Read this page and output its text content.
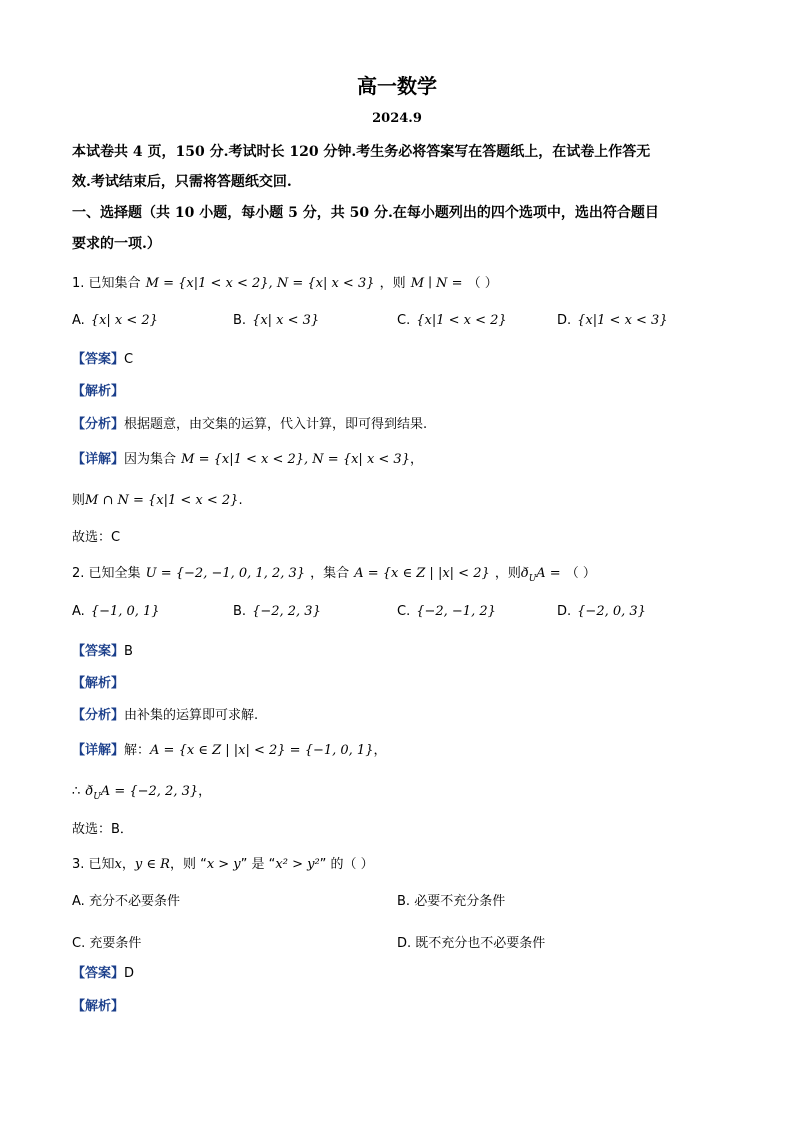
高一数学
2024.9
本试卷共 4 页，150 分.考试时长 120 分钟.考生务必将答案写在答题纸上，在试卷上作答无
效.考试结束后，只需将答题纸交回.
一、选择题（共 10 小题，每小题 5 分，共 50 分.在每小题列出的四个选项中，选出符合题目
要求的一项.）
1. 已知集合 M = {x|1 < x < 2}, N = {x| x < 3} ，则 M ∣ N = （ ）
A. {x| x < 2}	B. {x| x < 3}	C. {x|1 < x < 2}	D. {x|1 < x < 3}
【答案】C
【解析】
【分析】根据题意，由交集的运算，代入计算，即可得到结果.
【详解】因为集合 M = {x|1 < x < 2}, N = {x| x < 3}，
则M ∩ N = {x|1 < x < 2}.
故选：C
2. 已知全集 U = {−2, −1, 0, 1, 2, 3} ，集合 A = {x ∈ Z | |x| < 2} ，则$ð_UA$ = （ ）
A. {−1, 0, 1}	B. {−2, 2, 3}	C. {−2, −1, 2}	D. {−2, 0, 3}
【答案】B
【解析】
【分析】由补集的运算即可求解.
【详解】解：A = {x ∈ Z | |x| < 2} = {−1, 0, 1}，
∴ $ð_UA = \{-2$, 2, 3}，
故选：B．
3. 已知x，y ∈ R，则 “x > y” 是 “x² > y²” 的（ ）
A. 充分不必要条件	B. 必要不充分条件
C. 充要条件	D. 既不充分也不必要条件
【答案】D
【解析】
